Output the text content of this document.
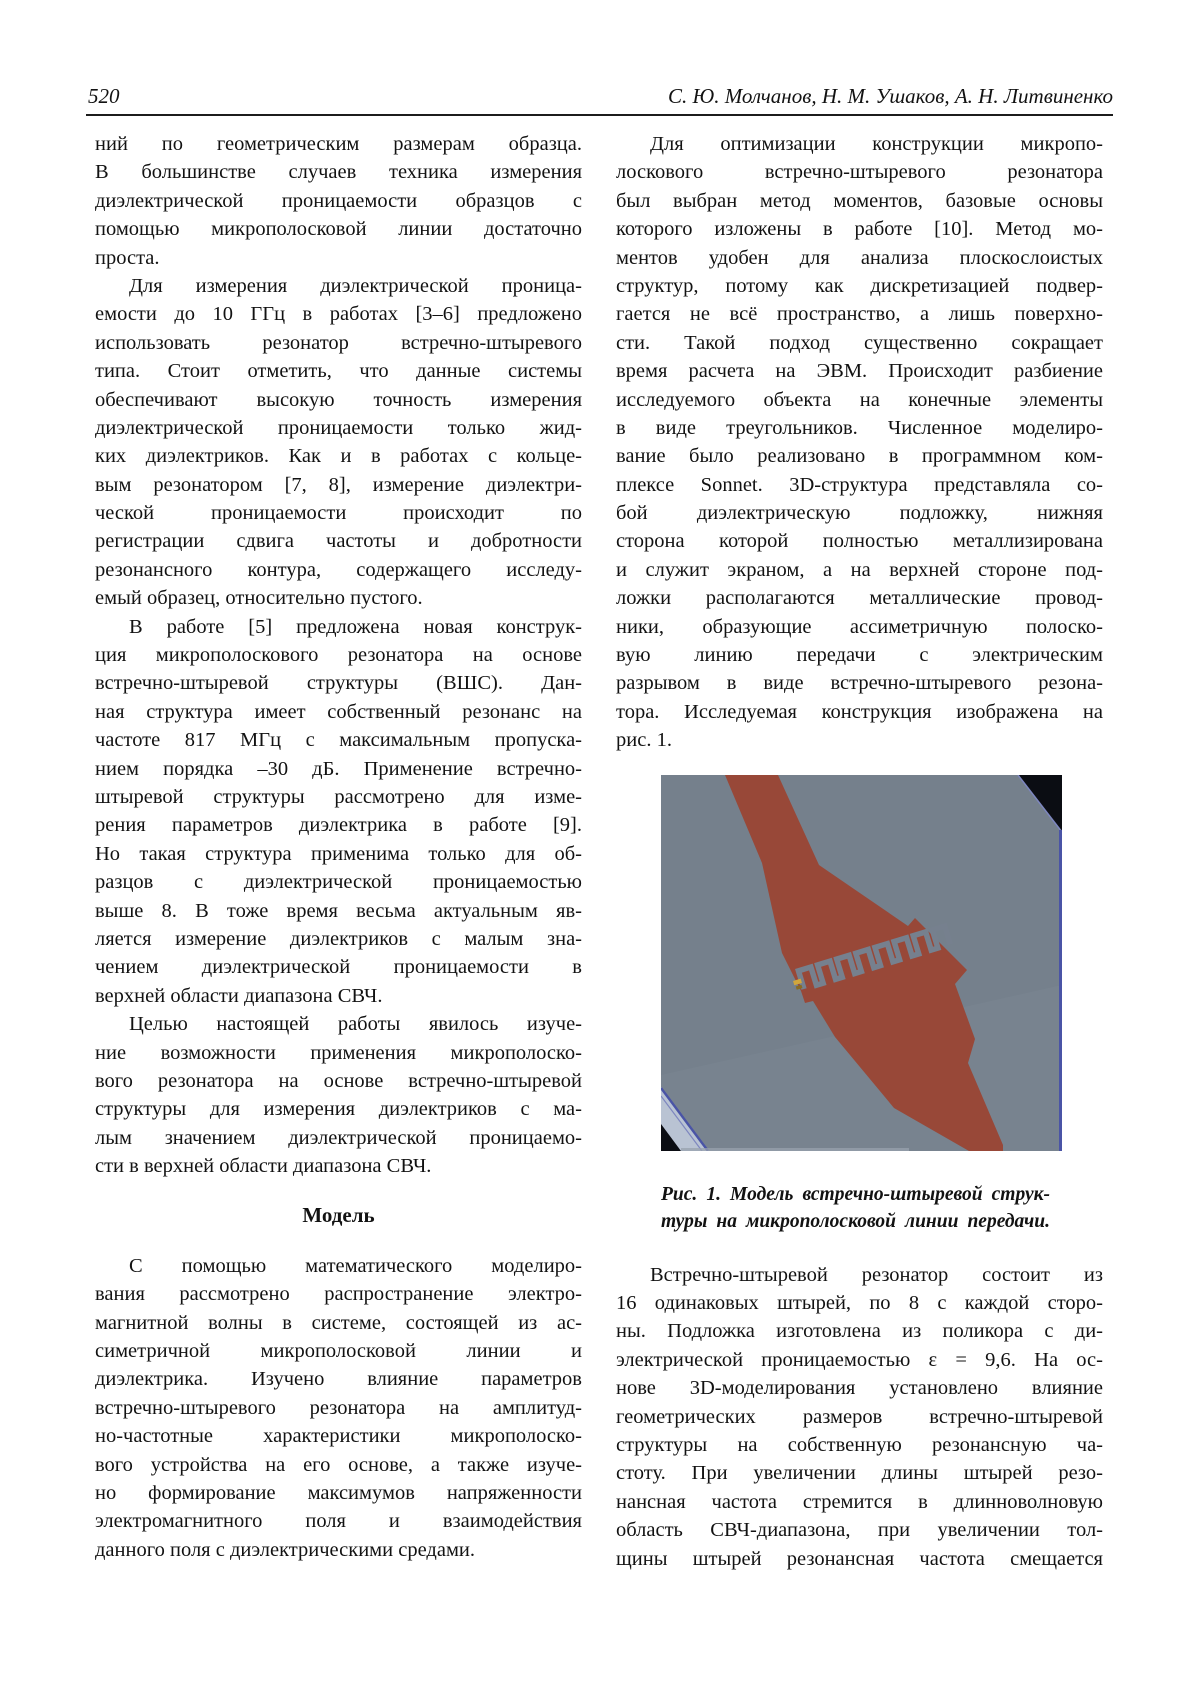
520	С. Ю. Молчанов, Н. М. Ушаков, А. Н. Литвиненко
ний по геометрическим размерам образца.
В большинстве случаев техника измерения
диэлектрической проницаемости образцов с
помощью микрополосковой линии достаточно
проста.
Для измерения диэлектрической проница-
емости до 10 ГГц в работах [3–6] предложено
использовать резонатор встречно-штыревого
типа. Стоит отметить, что данные системы
обеспечивают высокую точность измерения
диэлектрической проницаемости только жид-
ких диэлектриков. Как и в работах с кольце-
вым резонатором [7, 8], измерение диэлектри-
ческой проницаемости происходит по
регистрации сдвига частоты и добротности
резонансного контура, содержащего исследу-
емый образец, относительно пустого.
В работе [5] предложена новая конструк-
ция микрополоскового резонатора на основе
встречно-штыревой структуры (ВШС). Дан-
ная структура имеет собственный резонанс на
частоте 817 МГц с максимальным пропуска-
нием порядка –30 дБ. Применение встречно-
штыревой структуры рассмотрено для изме-
рения параметров диэлектрика в работе [9].
Но такая структура применима только для об-
разцов с диэлектрической проницаемостью
выше 8. В тоже время весьма актуальным яв-
ляется измерение диэлектриков с малым зна-
чением диэлектрической проницаемости в
верхней области диапазона СВЧ.
Целью настоящей работы явилось изуче-
ние возможности применения микрополоско-
вого резонатора на основе встречно-штыревой
структуры для измерения диэлектриков с ма-
лым значением диэлектрической проницаемо-
сти в верхней области диапазона СВЧ.
Модель
С помощью математического моделиро-
вания рассмотрено распространение электро-
магнитной волны в системе, состоящей из ас-
симетричной микрополосковой линии и
диэлектрика. Изучено влияние параметров
встречно-штыревого резонатора на амплитуд-
но-частотные характеристики микрополоско-
вого устройства на его основе, а также изуче-
но формирование максимумов напряженности
электромагнитного поля и взаимодействия
данного поля с диэлектрическими средами.
Для оптимизации конструкции микропо-
лоскового встречно-штыревого резонатора
был выбран метод моментов, базовые основы
которого изложены в работе [10]. Метод мо-
ментов удобен для анализа плоскослоистых
структур, потому как дискретизацией подвер-
гается не всё пространство, а лишь поверхно-
сти. Такой подход существенно сокращает
время расчета на ЭВМ. Происходит разбиение
исследуемого объекта на конечные элементы
в виде треугольников. Численное моделиро-
вание было реализовано в программном ком-
плексе Sonnet. 3D-структура представляла со-
бой диэлектрическую подложку, нижняя
сторона которой полностью металлизирована
и служит экраном, а на верхней стороне под-
ложки располагаются металлические провод-
ники, образующие ассиметричную полоско-
вую линию передачи с электрическим
разрывом в виде встречно-штыревого резона-
тора. Исследуемая конструкция изображена на
рис. 1.
Рис. 1. Модель встречно-штыревой струк-
туры на микрополосковой линии передачи.
Встречно-штыревой резонатор состоит из
16 одинаковых штырей, по 8 с каждой сторо-
ны. Подложка изготовлена из поликора с ди-
электрической проницаемостью ε = 9,6. На ос-
нове 3D-моделирования установлено влияние
геометрических размеров встречно-штыревой
структуры на собственную резонансную ча-
стоту. При увеличении длины штырей резо-
нансная частота стремится в длинноволновую
область СВЧ-диапазона, при увеличении тол-
щины штырей резонансная частота смещается
